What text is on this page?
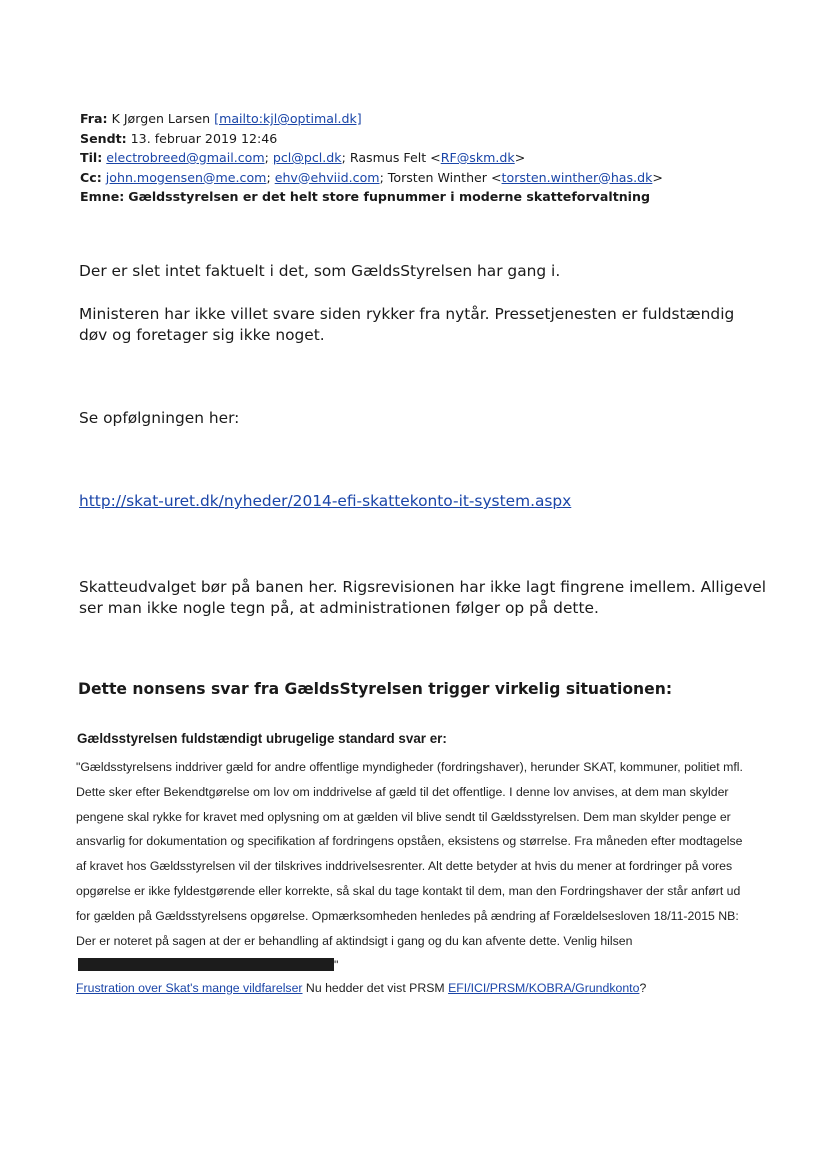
Fra: K Jørgen Larsen [mailto:kjl@optimal.dk]
Sendt: 13. februar 2019 12:46
Til: electrobreed@gmail.com; pcl@pcl.dk; Rasmus Felt <RF@skm.dk>
Cc: john.mogensen@me.com; ehv@ehviid.com; Torsten Winther <torsten.winther@has.dk>
Emne: Gældsstyrelsen er det helt store fupnummer i moderne skatteforvaltning
Der er slet intet faktuelt i det, som GældsStyrelsen har gang i.
Ministeren har ikke villet svare siden rykker fra nytår. Pressetjenesten er fuldstændig døv og foretager sig ikke noget.
Se opfølgningen her:
http://skat-uret.dk/nyheder/2014-efi-skattekonto-it-system.aspx
Skatteudvalget bør på banen her. Rigsrevisionen har ikke lagt fingrene imellem. Alligevel ser man ikke nogle tegn på, at administrationen følger op på dette.
Dette nonsens svar fra GældsStyrelsen trigger virkelig situationen:
Gældsstyrelsen fuldstændigt ubrugelige standard svar er:
"Gældsstyrelsens inddriver gæld for andre offentlige myndigheder (fordringshaver), herunder SKAT, kommuner, politiet mfl. Dette sker efter Bekendtgørelse om lov om inddrivelse af gæld til det offentlige. I denne lov anvises, at dem man skylder pengene skal rykke for kravet med oplysning om at gælden vil blive sendt til Gældsstyrelsen. Dem man skylder penge er ansvarlig for dokumentation og specifikation af fordringens opståen, eksistens og størrelse. Fra måneden efter modtagelse af kravet hos Gældsstyrelsen vil der tilskrives inddrivelsesrenter. Alt dette betyder at hvis du mener at fordringer på vores opgørelse er ikke fyldestgørende eller korrekte, så skal du tage kontakt til dem, man den Fordringshaver der står anført ud for gælden på Gældsstyrelsens opgørelse. Opmærksomheden henledes på ændring af Forældelsesloven 18/11-2015 NB: Der er noteret på sagen at der er behandling af aktindsigt i gang og du kan afvente dette. Venlig hilsen"
Frustration over Skat's mange vildfarelser Nu hedder det vist PRSM EFI/ICI/PRSM/KOBRA/Grundkonto?
